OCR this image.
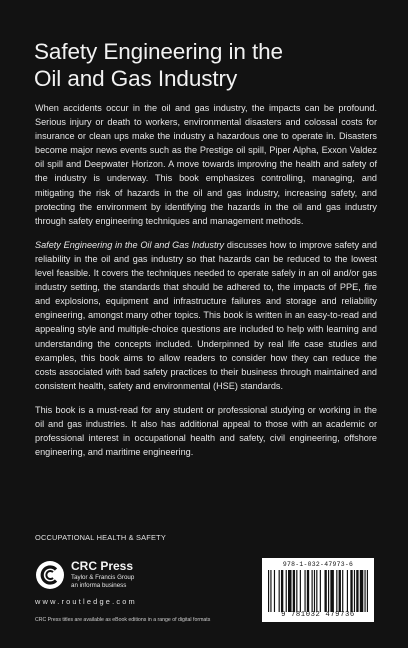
Safety Engineering in the
Oil and Gas Industry

When accidents occur in the oil and gas industry, the impacts can be profound. Serious injury or death to workers, environmental disasters and colossal costs for insurance or clean ups make the industry a hazardous one to operate in. Disasters become major news events such as the Prestige oil spill, Piper Alpha, Exxon Valdez oil spill and Deepwater Horizon. A move towards improving the health and safety of the industry is underway. This book emphasizes controlling, managing, and mitigating the risk of hazards in the oil and gas industry, increasing safety, and protecting the environment by identifying the hazards in the oil and gas industry through safety engineering techniques and management methods.

Safety Engineering in the Oil and Gas Industry discusses how to improve safety and reliability in the oil and gas industry so that hazards can be reduced to the lowest level feasible. It covers the techniques needed to operate safely in an oil and/or gas industry setting, the standards that should be adhered to, the impacts of PPE, fire and explosions, equipment and infrastructure failures and storage and reliability engineering, amongst many other topics. This book is written in an easy-to-read and appealing style and multiple-choice questions are included to help with learning and understanding the concepts included. Underpinned by real life case studies and examples, this book aims to allow readers to consider how they can reduce the costs associated with bad safety practices to their business through maintained and consistent health, safety and environmental (HSE) standards.

This book is a must-read for any student or professional studying or working in the oil and gas industries. It also has additional appeal to those with an academic or professional interest in occupational health and safety, civil engineering, offshore engineering, and maritime engineering.

OCCUPATIONAL HEALTH & SAFETY
CRC Press
Taylor & Francis Group
an informa business
www.routledge.com
CRC Press titles are available as eBook editions in a range of digital formats
978-1-032-47973-6
9 781032 479736
